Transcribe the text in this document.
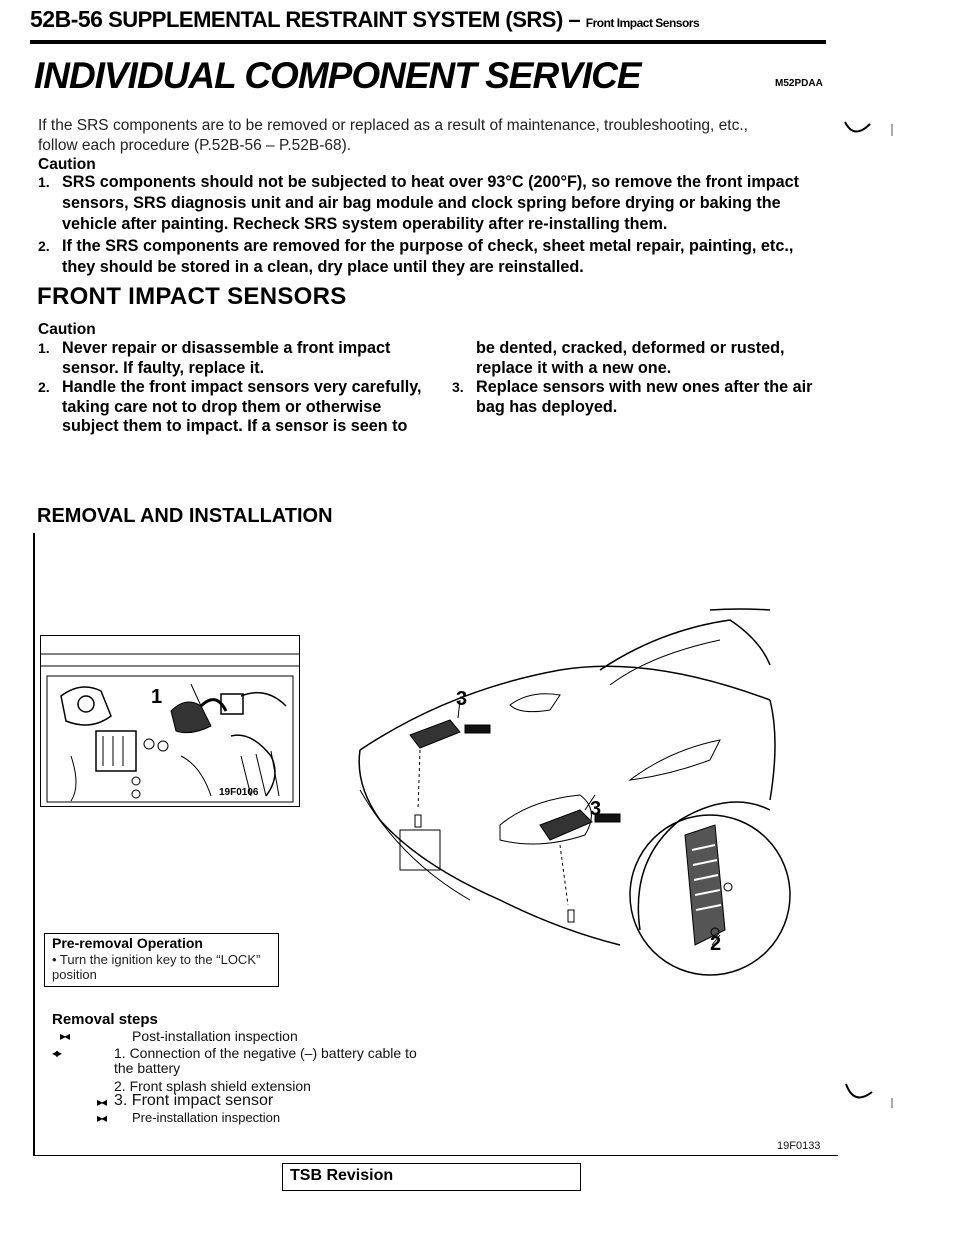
52B-56 SUPPLEMENTAL RESTRAINT SYSTEM (SRS) – Front Impact Sensors
INDIVIDUAL COMPONENT SERVICE	M52PDAA
If the SRS components are to be removed or replaced as a result of maintenance, troubleshooting, etc.,
follow each procedure (P.52B-56 – P.52B-68).
Caution
1. SRS components should not be subjected to heat over 93°C (200°F), so remove the front impact sensors, SRS diagnosis unit and air bag module and clock spring before drying or baking the vehicle after painting. Recheck SRS system operability after re-installing them.
2. If the SRS components are removed for the purpose of check, sheet metal repair, painting, etc., they should be stored in a clean, dry place until they are reinstalled.
FRONT IMPACT SENSORS
Caution
1. Never repair or disassemble a front impact sensor. If faulty, replace it.
2. Handle the front impact sensors very carefully, taking care not to drop them or otherwise subject them to impact. If a sensor is seen to
be dented, cracked, deformed or rusted, replace it with a new one.
3. Replace sensors with new ones after the air bag has deployed.
REMOVAL AND INSTALLATION
1
19F0106
3
3
2
Pre-removal Operation
• Turn the ignition key to the “LOCK” position
Removal steps
▸◂	Post-installation inspection
◂▸	1. Connection of the negative (–) battery cable to the battery
2. Front splash shield extension
▸◂ 3. Front impact sensor
▸◂ Pre-installation inspection
19F0133
TSB Revision
